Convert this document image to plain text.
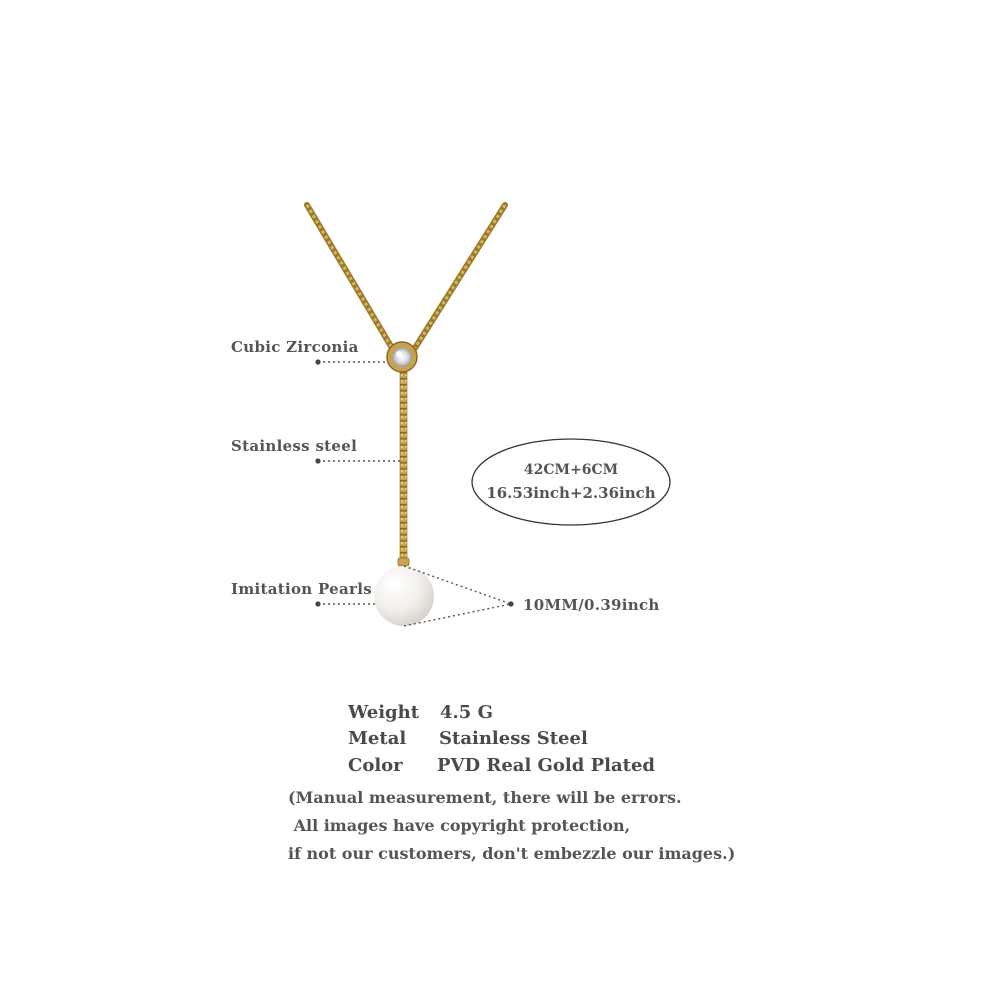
Cubic Zirconia
Stainless steel
Imitation Pearls
10MM/0.39inch
42CM+6CM
16.53inch+2.36inch
Weight 4.5 G
Metal Stainless Steel
Color PVD Real Gold Plated
(Manual measurement, there will be errors.
All images have copyright protection,
if not our customers, don't embezzle our images.)
